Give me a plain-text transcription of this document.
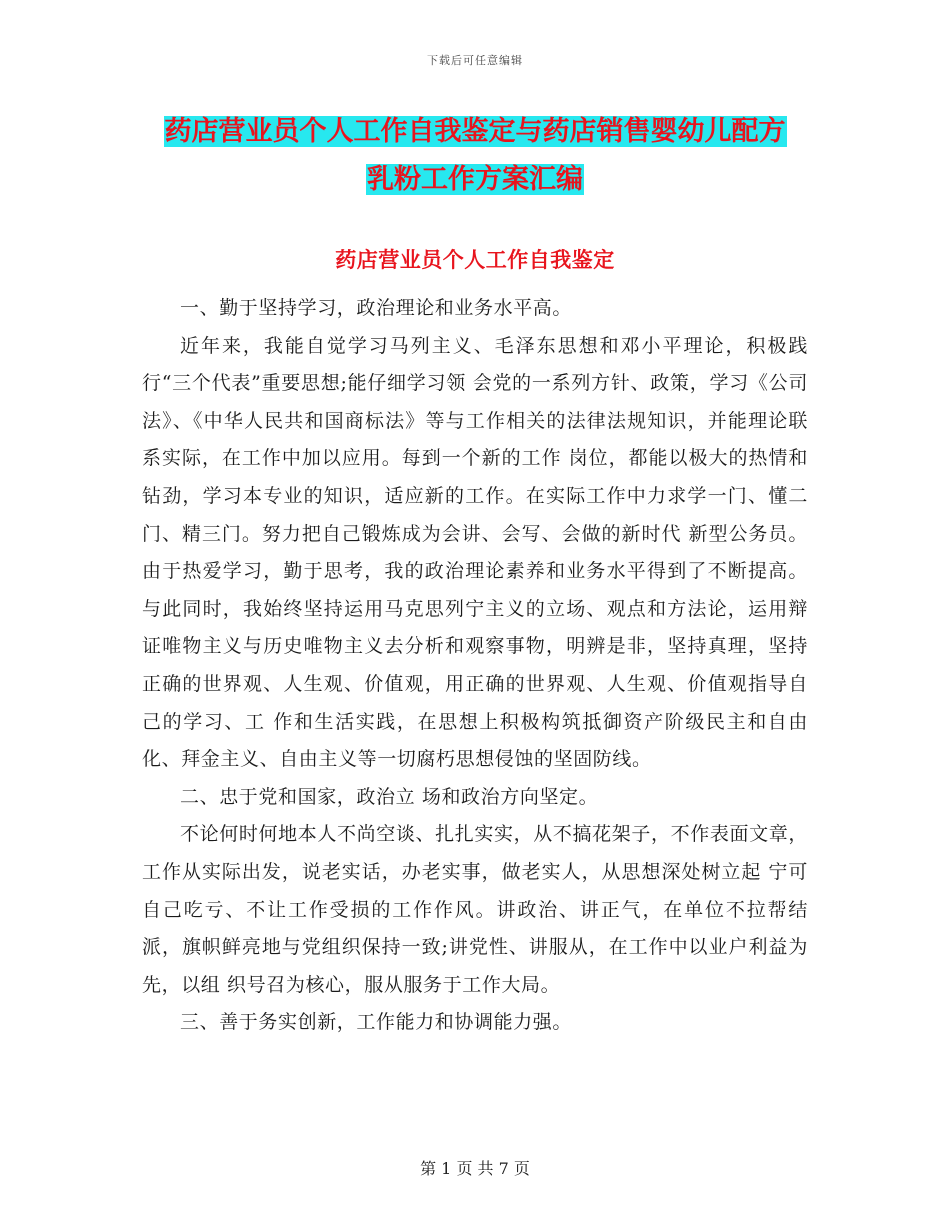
下载后可任意编辑
药店营业员个人工作自我鉴定与药店销售婴幼儿配方
乳粉工作方案汇编
药店营业员个人工作自我鉴定

一、勤于坚持学习，政治理论和业务水平高。

近年来，我能自觉学习马列主义、毛泽东思想和邓小平理论，积极践行“三个代表”重要思想;能仔细学习领 会党的一系列方针、政策，学习《公司法》、《中华人民共和国商标法》等与工作相关的法律法规知识，并能理论联系实际，在工作中加以应用。每到一个新的工作 岗位，都能以极大的热情和钻劲，学习本专业的知识，适应新的工作。在实际工作中力求学一门、懂二门、精三门。努力把自己锻炼成为会讲、会写、会做的新时代 新型公务员。由于热爱学习，勤于思考，我的政治理论素养和业务水平得到了不断提高。与此同时，我始终坚持运用马克思列宁主义的立场、观点和方法论，运用辩 证唯物主义与历史唯物主义去分析和观察事物，明辨是非，坚持真理，坚持正确的世界观、人生观、价值观，用正确的世界观、人生观、价值观指导自己的学习、工 作和生活实践，在思想上积极构筑抵御资产阶级民主和自由化、拜金主义、自由主义等一切腐朽思想侵蚀的坚固防线。

二、忠于党和国家，政治立 场和政治方向坚定。

不论何时何地本人不尚空谈、扎扎实实，从不搞花架子，不作表面文章，工作从实际出发，说老实话，办老实事，做老实人，从思想深处树立起 宁可自己吃亏、不让工作受损的工作作风。讲政治、讲正气，在单位不拉帮结派，旗帜鲜亮地与党组织保持一致;讲党性、讲服从，在工作中以业户利益为先，以组 织号召为核心，服从服务于工作大局。

三、善于务实创新，工作能力和协调能力强。

第 1 页 共 7 页
